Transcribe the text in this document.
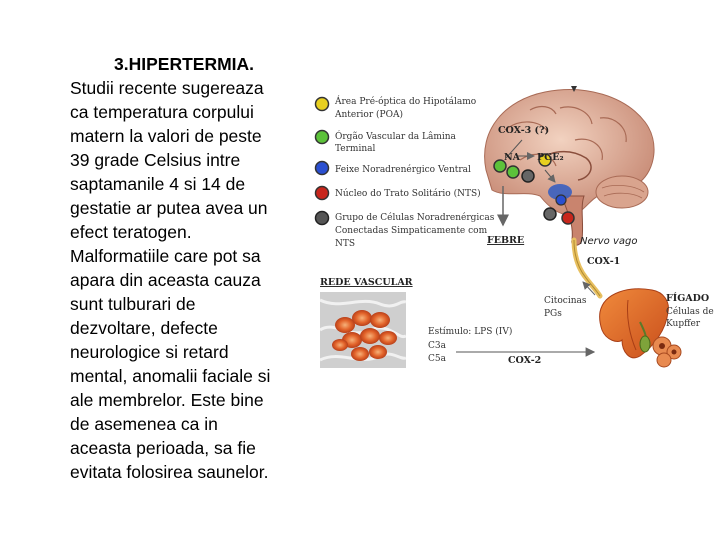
3.HIPERTERMIA.
Studii recente sugereaza
ca temperatura corpului
matern la valori de peste
39 grade Celsius intre
saptamanile 4 si 14 de
gestatie ar putea avea un
efect teratogen.
Malformatiile care pot sa
apara din aceasta cauza
sunt tulburari de
dezvoltare, defecte
neurologice si retard
mental, anomalii faciale si
ale membrelor. Este bine
de asemenea ca in
aceasta perioada, sa fie
evitata folosirea saunelor.
Área Pré-óptica do Hipotálamo
Anterior (POA)
Órgão Vascular da Lâmina
Terminal
Feixe Noradrenérgico Ventral
Núcleo do Trato Solitário (NTS)
Grupo de Células Noradrenérgicas
Conectadas Simpaticamente com
NTS
COX-3 (?)
NA PGE₂
FEBRE	Nervo vago
COX-1
Citocinas
PGs
FÍGADO
Células de
Kupffer
REDE VASCULAR
Estímulo: LPS (IV)
C3a
C5a	COX-2
